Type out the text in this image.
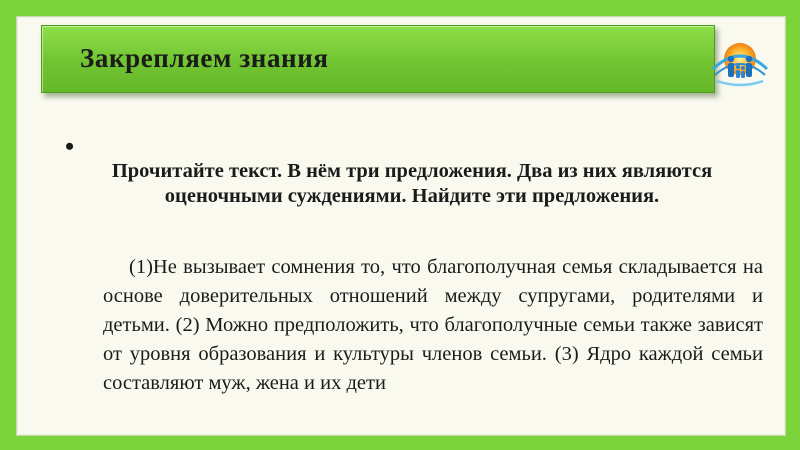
Закрепляем знания
•
Прочитайте текст. В нём три предложения. Два из них являются оценочными суждениями. Найдите эти предложения.
(1)Не вызывает сомнения то, что благополучная семья складывается на основе доверительных отношений между супругами, родителями и детьми. (2) Можно предположить, что благополучные семьи также зависят от уровня образования и культуры членов семьи. (3) Ядро каждой семьи составляют муж, жена и их дети
